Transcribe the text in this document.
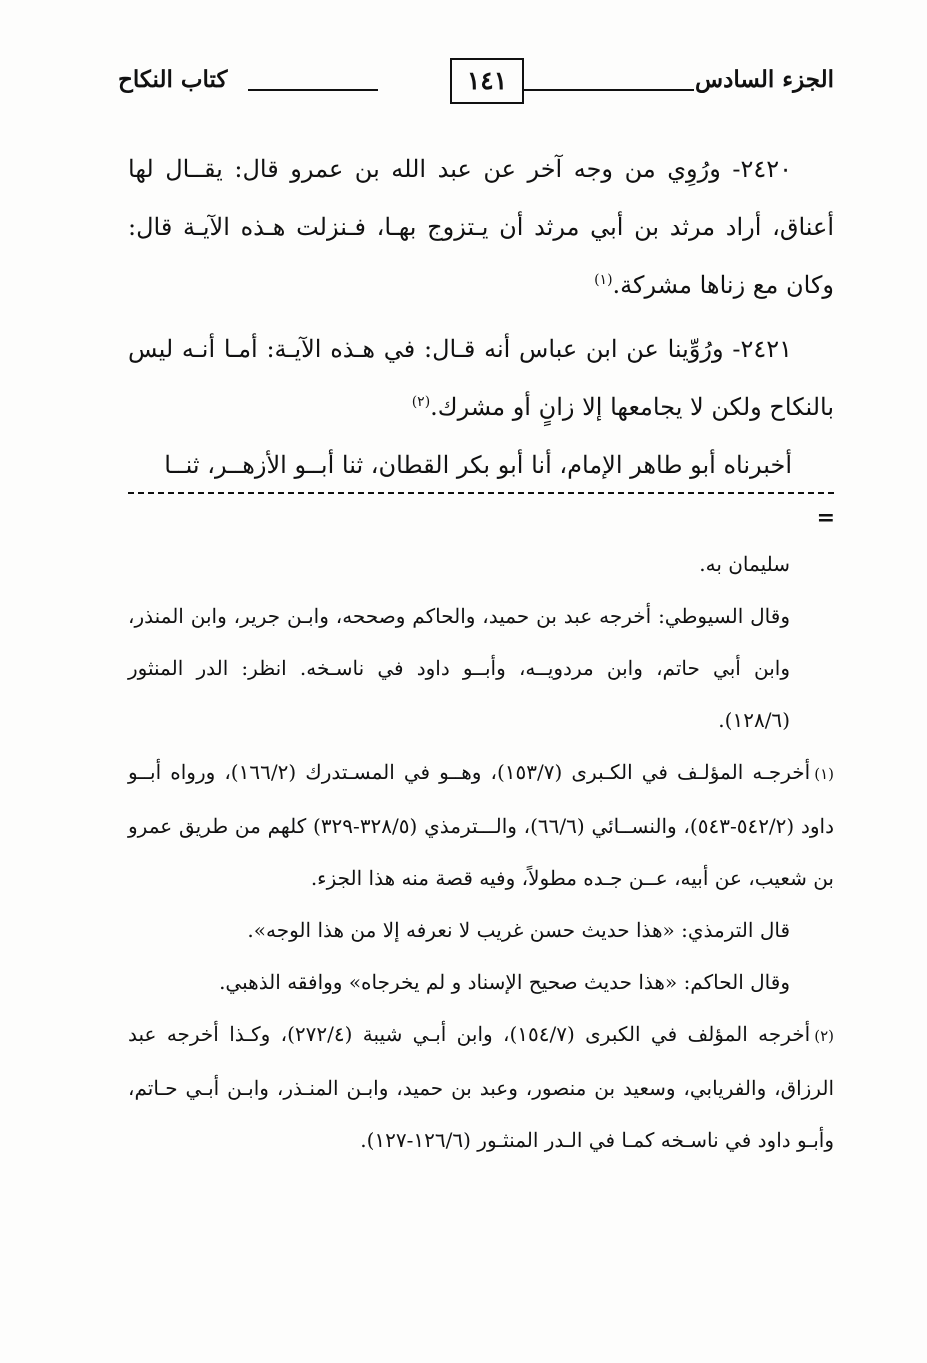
الجزء السادس
١٤١
كتاب النكاح

٢٤٢٠- ورُوِي من وجه آخر عن عبد الله بن عمرو قال: يقــال لها أعناق، أراد مرثد بن أبي مرثد أن يـتزوج بهـا، فـنزلت هـذه الآيـة قال: وكان مع زناها مشركة.$^{(١)}$

٢٤٢١- ورُوِّينا عن ابن عباس أنه قـال: في هـذه الآيـة: أمـا أنـه ليس بالنكاح ولكن لا يجامعها إلا زانٍ أو مشرك.$^{(٢)}$

أخبرناه أبو طاهر الإمام، أنا أبو بكر القطان، ثنا أبــو الأزهــر، ثنــا

=

سليمان به.

وقال السيوطي: أخرجه عبد بن حميد، والحاكم وصححه، وابـن جرير، وابن المنذر، وابن أبي حاتم، وابن مردويــه، وأبــو داود في ناسـخه. انظر: الدر المنثور (١٢٨/٦).

(١)أخرجـه المؤلـف في الكـبرى (١٥٣/٧)، وهــو في المسـتدرك (١٦٦/٢)، ورواه أبــو داود (٥٤٢/٢-٥٤٣)، والنســائي (٦٦/٦)، والـــترمذي (٣٢٨/٥-٣٢٩) كلهم من طريق عمرو بن شعيب، عن أبيه، عــن جـده مطولاً، وفيه قصة منه هذا الجزء.

قال الترمذي: «هذا حديث حسن غريب لا نعرفه إلا من هذا الوجه».

وقال الحاكم: «هذا حديث صحيح الإسناد و لم يخرجاه» ووافقه الذهبي.

(٢)أخرجه المؤلف في الكبرى (١٥٤/٧)، وابن أبـي شيبة (٢٧٢/٤)، وكـذا أخرجه عبد الرزاق، والفريابي، وسعيد بن منصور، وعبد بن حميد، وابـن المنـذر، وابـن أبـي حـاتم، وأبـو داود في ناسـخه كمـا في الـدر المنثـور (١٢٦/٦-١٢٧).
